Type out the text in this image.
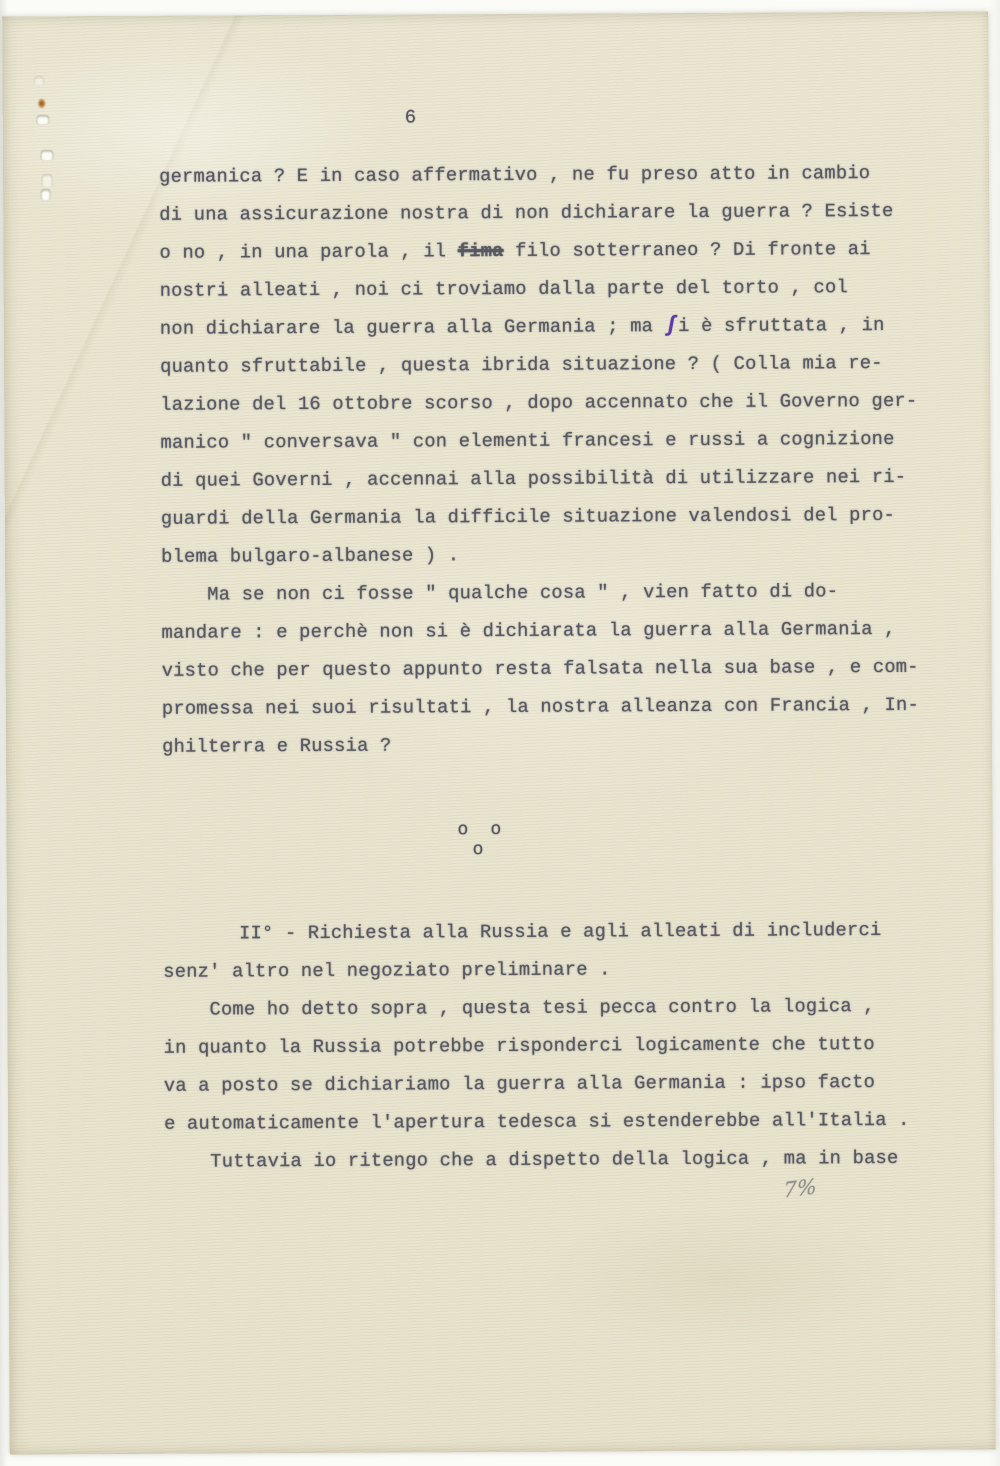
6
germanica ? E in caso affermativo , ne fu preso atto in cambio
di una assicurazione nostra di non dichiarare la guerra ? Esiste
o no , in una parola , il fima filo sotterraneo ? Di fronte ai
nostri alleati , noi ci troviamo dalla parte del torto , col
non dichiarare la guerra alla Germania ; ma ʃi è sfruttata , in
quanto sfruttabile , questa ibrida situazione ? ( Colla mia re-
lazione del 16 ottobre scorso , dopo accennato che il Governo ger-
manico " conversava " con elementi francesi e russi a cognizione
di quei Governi , accennai alla possibilità di utilizzare nei ri-
guardi della Germania la difficile situazione valendosi del pro-
blema bulgaro-albanese ) .
Ma se non ci fosse " qualche cosa " , vien fatto di do-
mandare : e perchè non si è dichiarata la guerra alla Germania ,
visto che per questo appunto resta falsata nella sua base , e com-
promessa nei suoi risultati , la nostra alleanza con Francia , In-
ghilterra e Russia ?
o  o
o
II° - Richiesta alla Russia e agli alleati di includerci
senz' altro nel negoziato preliminare .
Come ho detto sopra , questa tesi pecca contro la logica ,
in quanto la Russia potrebbe risponderci logicamente che tutto
va a posto se dichiariamo la guerra alla Germania : ipso facto
e automaticamente l'apertura tedesca si estenderebbe all'Italia .
Tuttavia io ritengo che a dispetto della logica , ma in base
7%
